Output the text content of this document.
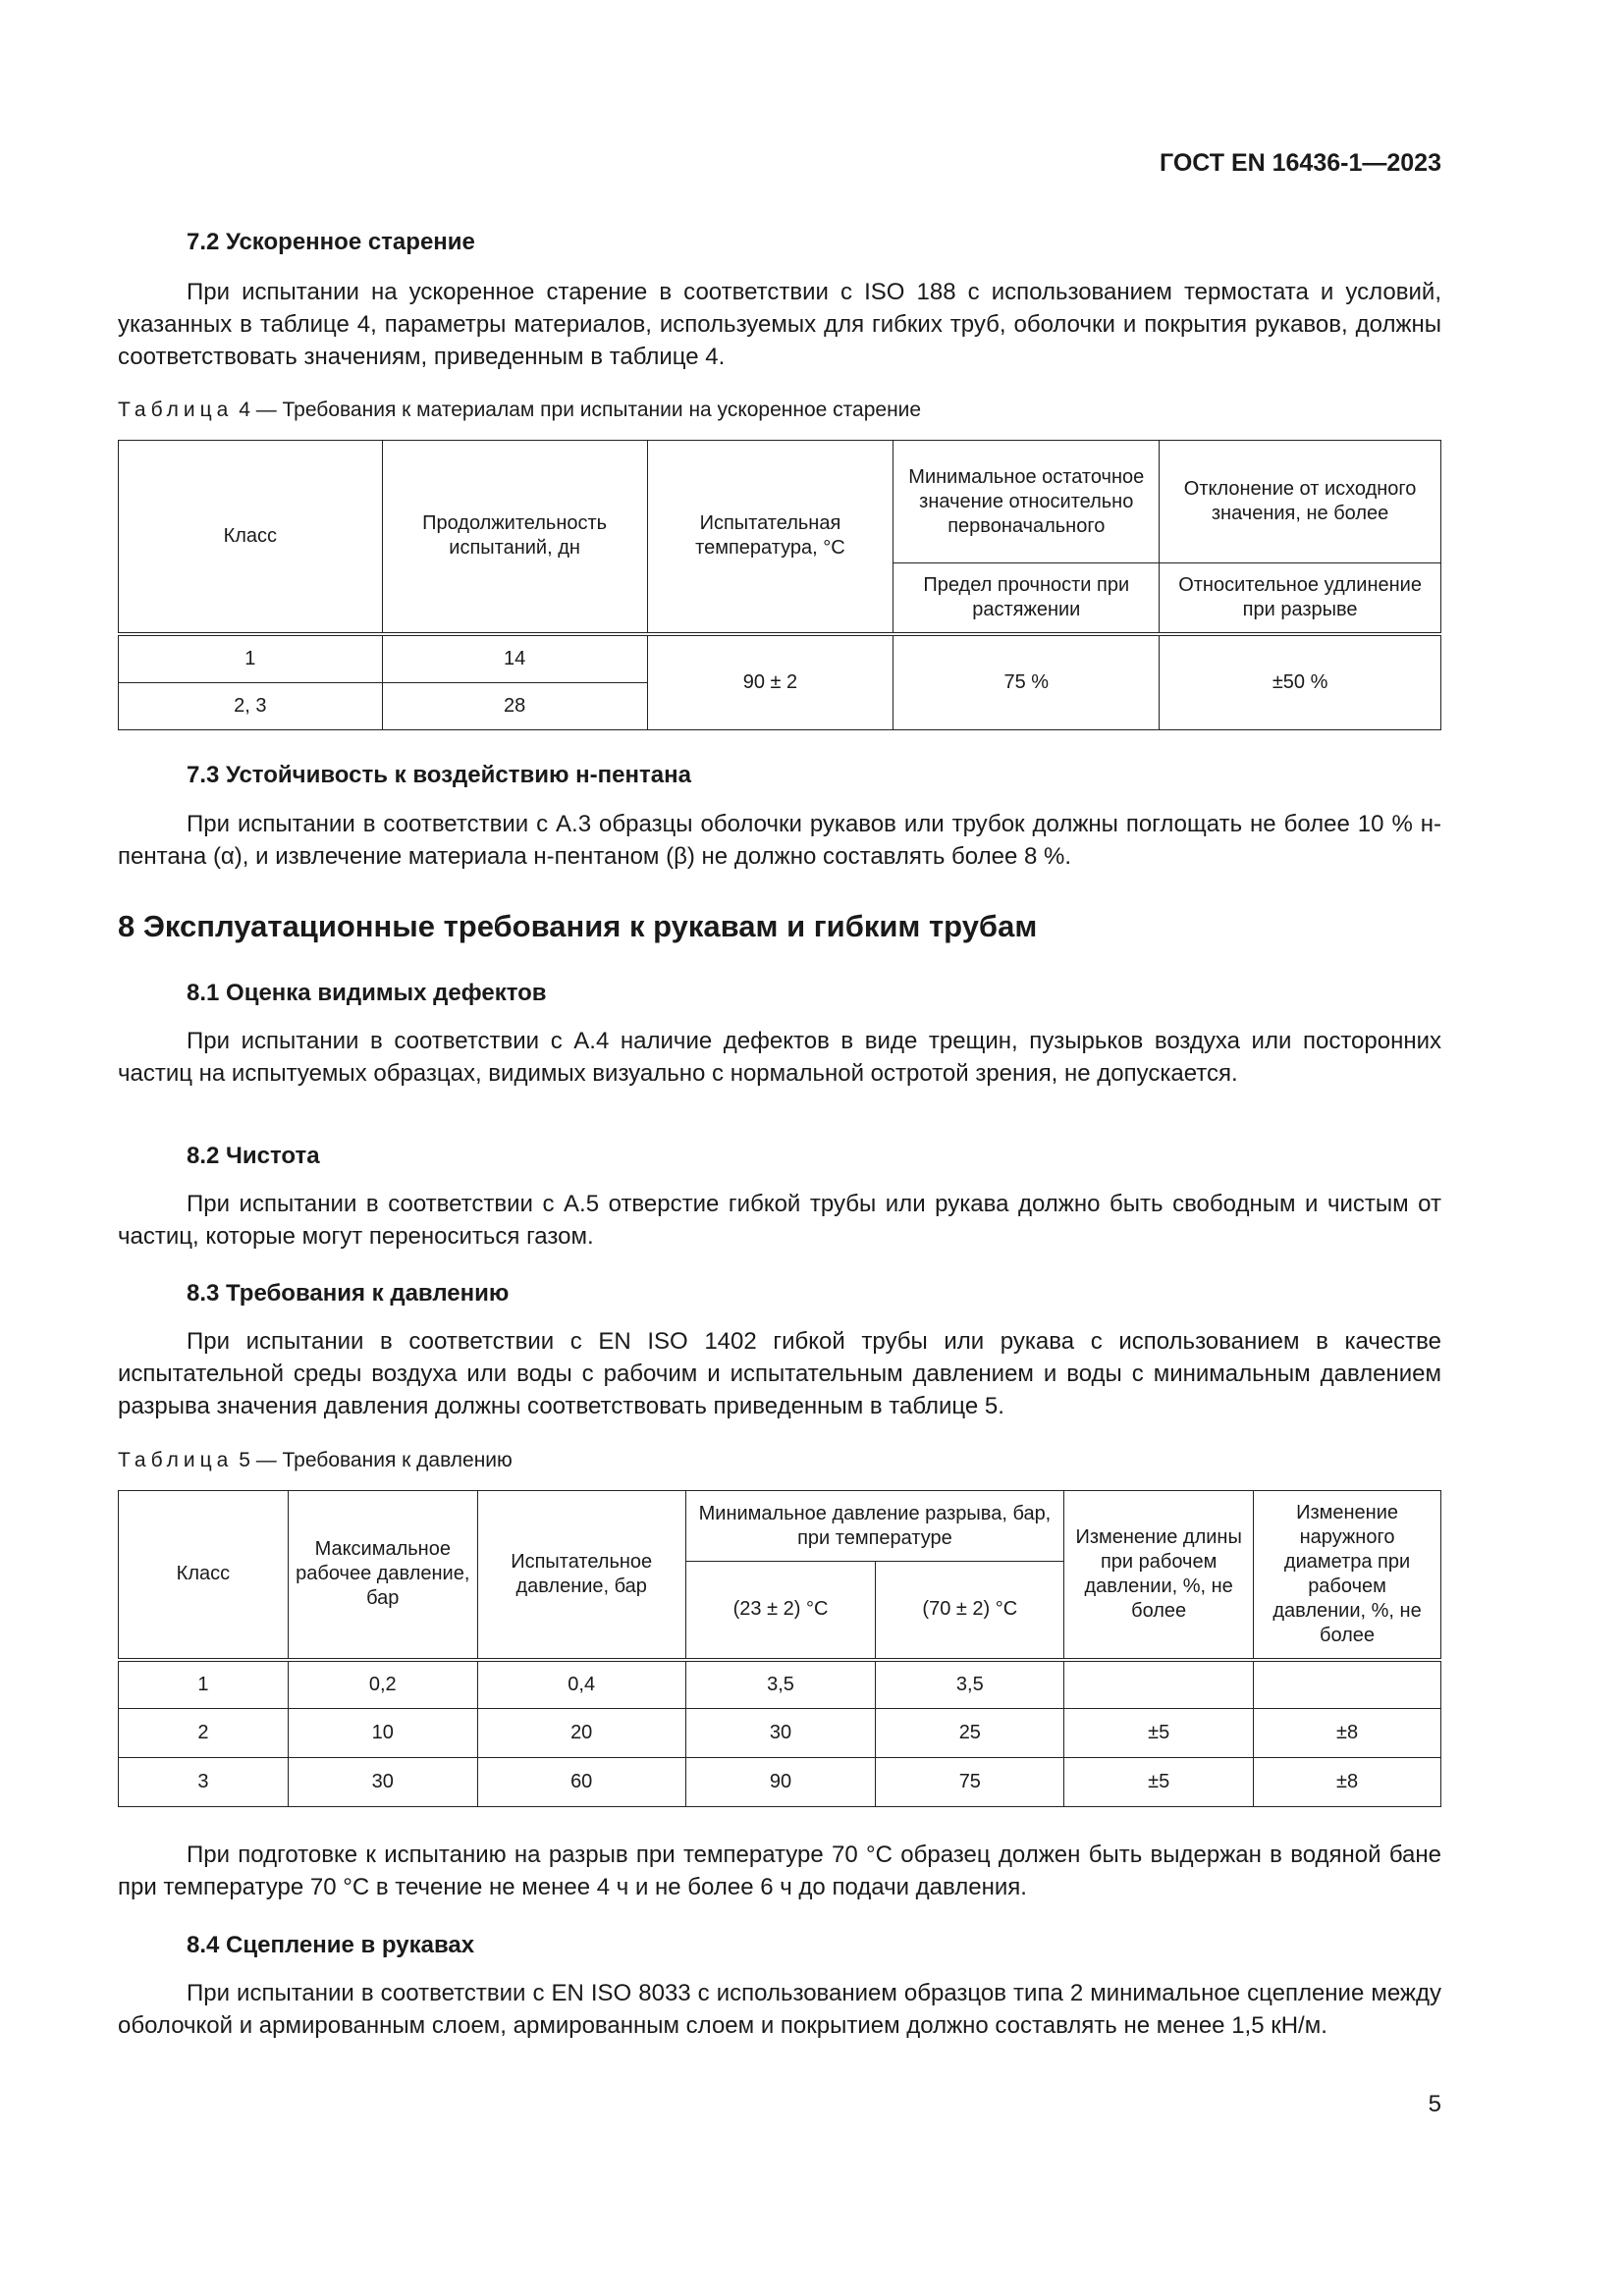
ГОСТ EN 16436-1—2023
7.2 Ускоренное старение
При испытании на ускоренное старение в соответствии с ISO 188 с использованием термостата и условий, указанных в таблице 4, параметры материалов, используемых для гибких труб, оболочки и покрытия рукавов, должны соответствовать значениям, приведенным в таблице 4.
Таблица 4 — Требования к материалам при испытании на ускоренное старение
Класс	Продолжительность испытаний, дн	Испытательная температура, °C	Минимальное остаточное значение относительно первоначального	Отклонение от исходного значения, не более
			Предел прочности при растяжении	Относительное удлинение при разрыве
1	14	90 ± 2	75 %	±50 %
2, 3	28			
7.3 Устойчивость к воздействию н-пентана
При испытании в соответствии с А.3 образцы оболочки рукавов или трубок должны поглощать не более 10 % н-пентана (α), и извлечение материала н-пентаном (β) не должно составлять более 8 %.
8 Эксплуатационные требования к рукавам и гибким трубам
8.1 Оценка видимых дефектов
При испытании в соответствии с А.4 наличие дефектов в виде трещин, пузырьков воздуха или посторонних частиц на испытуемых образцах, видимых визуально с нормальной остротой зрения, не допускается.
8.2 Чистота
При испытании в соответствии с А.5 отверстие гибкой трубы или рукава должно быть свободным и чистым от частиц, которые могут переноситься газом.
8.3 Требования к давлению
При испытании в соответствии с EN ISO 1402 гибкой трубы или рукава с использованием в качестве испытательной среды воздуха или воды с рабочим и испытательным давлением и воды с минимальным давлением разрыва значения давления должны соответствовать приведенным в таблице 5.
Таблица 5 — Требования к давлению
Класс	Максимальное рабочее давление, бар	Испытательное давление, бар	Минимальное давление разрыва, бар, при температуре		Изменение длины при рабочем давлении, %, не более	Изменение наружного диаметра при рабочем давлении, %, не более
			(23 ± 2) °C	(70 ± 2) °C		
1	0,2	0,4	3,5	3,5		
2	10	20	30	25	±5	±8
3	30	60	90	75	±5	±8
При подготовке к испытанию на разрыв при температуре 70 °C образец должен быть выдержан в водяной бане при температуре 70 °C в течение не менее 4 ч и не более 6 ч до подачи давления.
8.4 Сцепление в рукавах
При испытании в соответствии с EN ISO 8033 с использованием образцов типа 2 минимальное сцепление между оболочкой и армированным слоем, армированным слоем и покрытием должно составлять не менее 1,5 кН/м.
5
